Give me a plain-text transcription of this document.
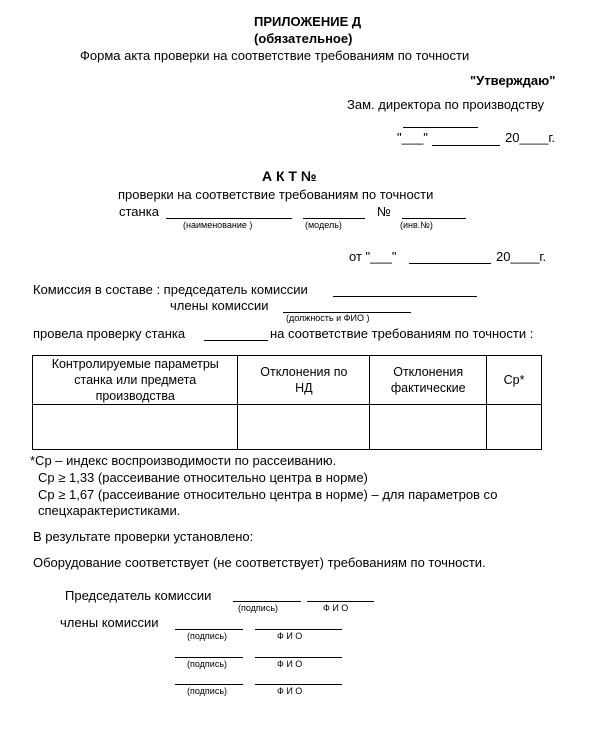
ПРИЛОЖЕНИЕ Д
(обязательное)
Форма акта проверки на соответствие требованиям по точности
"Утверждаю"
Зам. директора по производству
"___"	20____г.
А К Т №
проверки на соответствие требованиям по точности
станка	№
(наименование )	(модель)	(инв.№)
от "___"	20____г.
Комиссия в составе : председатель комиссии
члены комиссии
(должность и ФИО )
провела проверку станка	на соответствие требованиям по точности :
Контролируемые параметры станка или предмета производства	Отклонения по НД	Отклонения фактические	Ср*

*Ср – индекс воспроизводимости по рассеиванию.
Ср ≥ 1,33 (рассеивание относительно центра в норме)
Ср ≥ 1,67 (рассеивание относительно центра в норме) – для параметров со
спецхарактеристиками.
В результате проверки установлено:
Оборудование соответствует (не соответствует) требованиям по точности.
Председатель комиссии
(подпись)	Ф И О
члены комиссии
(подпись)	Ф И О
(подпись)	Ф И О
(подпись)	Ф И О
